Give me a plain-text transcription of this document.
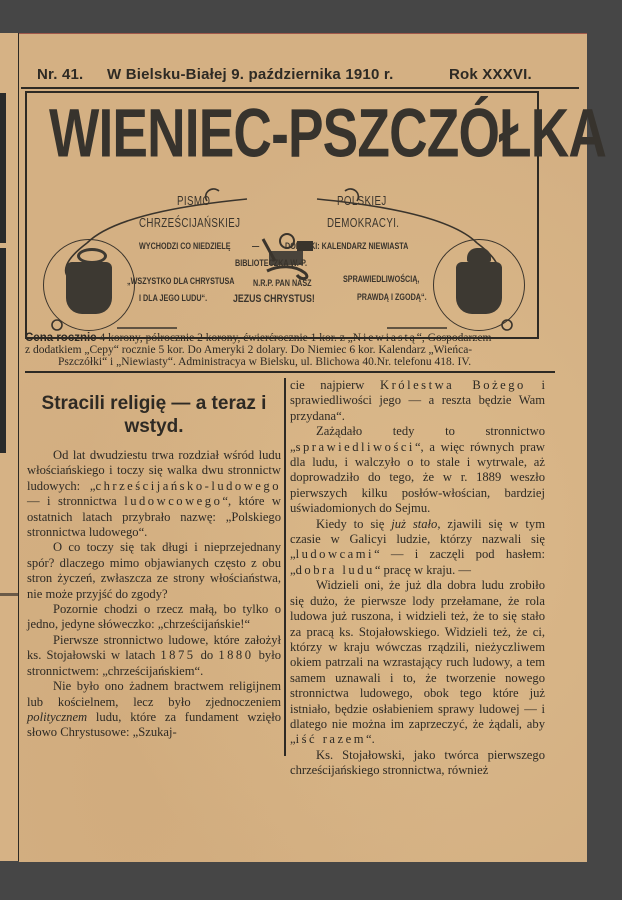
Nr. 41. W Bielsku-Białej 9. października 1910 r.	Rok XXXVI.
WIENIEC-PSZCZÓŁKA
PISMO
CHRZEŚCIJAŃSKIEJ
POLSKIEJ
DEMOKRACYI.
WYCHODZI CO NIEDZIELĘ —	DODATKI: KALENDARZ NIEWIASTA
BIBLIOTECZKA W.-P.
„WSZYSTKO DLA CHRYSTUSA
I DLA JEGO LUDU“.
N.R.P. PAN NASZ
JEZUS CHRYSTUS!
SPRAWIEDLIWOŚCIĄ,
PRAWDĄ I ZGODĄ“.
Cena rocznie 4 korony, półrocznie 2 korony, ćwierćrocznie 1 kor. z „Niewiastą“, Gospodarzem
z dodatkiem „Cepy“ rocznie 5 kor. Do Ameryki 2 dolary. Do Niemiec 6 kor. Kalendarz „Wieńca-
Pszczółki“ i „Niewiasty“. Administracya w Bielsku, ul. Blichowa 40.Nr. telefonu 418. IV.
Stracili religię — a teraz i wstyd.
Od lat dwudziestu trwa rozdział wśród ludu włościańskiego i toczy się walka dwu stronnictw ludowych: „chrześcijańsko-ludowego — i stronnictwa ludowcowego“, które w ostatnich latach przybrało nazwę: „Polskiego stronnictwa ludowego“.
O co toczy się tak długi i nieprzejednany spór? dlaczego mimo objawianych często z obu stron życzeń, zwłaszcza ze strony włościaństwa, nie może przyjść do zgody?
Pozornie chodzi o rzecz małą, bo tylko o jedno, jedyne słóweczko: „chrześcijańskie!“
Pierwsze stronnictwo ludowe, które założył ks. Stojałowski w latach 1875 do 1880 było stronnictwem: „chrześcijańskiem“.
Nie było ono żadnem bractwem religijnem lub kościelnem, lecz było zjednoczeniem politycznem ludu, które za fundament wzięło słowo Chrystusowe: „Szukaj-
cie najpierw Królestwa Bożego i sprawiedliwości jego — a reszta będzie Wam przydana“.
Zażądało tedy to stronnictwo „sprawiedliwości“, a więc równych praw dla ludu, i walczyło o to stale i wytrwale, aż doprowadziło do tego, że w r. 1889 weszło pierwszych kilku posłów-włościan, bardziej uświadomionych do Sejmu.
Kiedy to się już stało, zjawili się w tym czasie w Galicyi ludzie, którzy nazwali się „ludowcami“ — i zaczęli pod hasłem: „dobra ludu“ pracę w kraju. —
Widzieli oni, że już dla dobra ludu zrobiło się dużo, że pierwsze lody przełamane, że rola ludowa już ruszona, i widzieli też, że to się stało za pracą ks. Stojałowskiego. Widzieli też, że ci, którzy w kraju wówczas rządzili, nieżyczliwem okiem patrzali na wzrastający ruch ludowy, a tem samem uznawali i to, że tworzenie nowego stronnictwa ludowego, obok tego które już istniało, będzie osłabieniem sprawy ludowej — i dlatego nie można im zaprzeczyć, że żądali, aby „iść razem“.
Ks. Stojałowski, jako twórca pierwszego chrześcijańskiego stronnictwa, również
